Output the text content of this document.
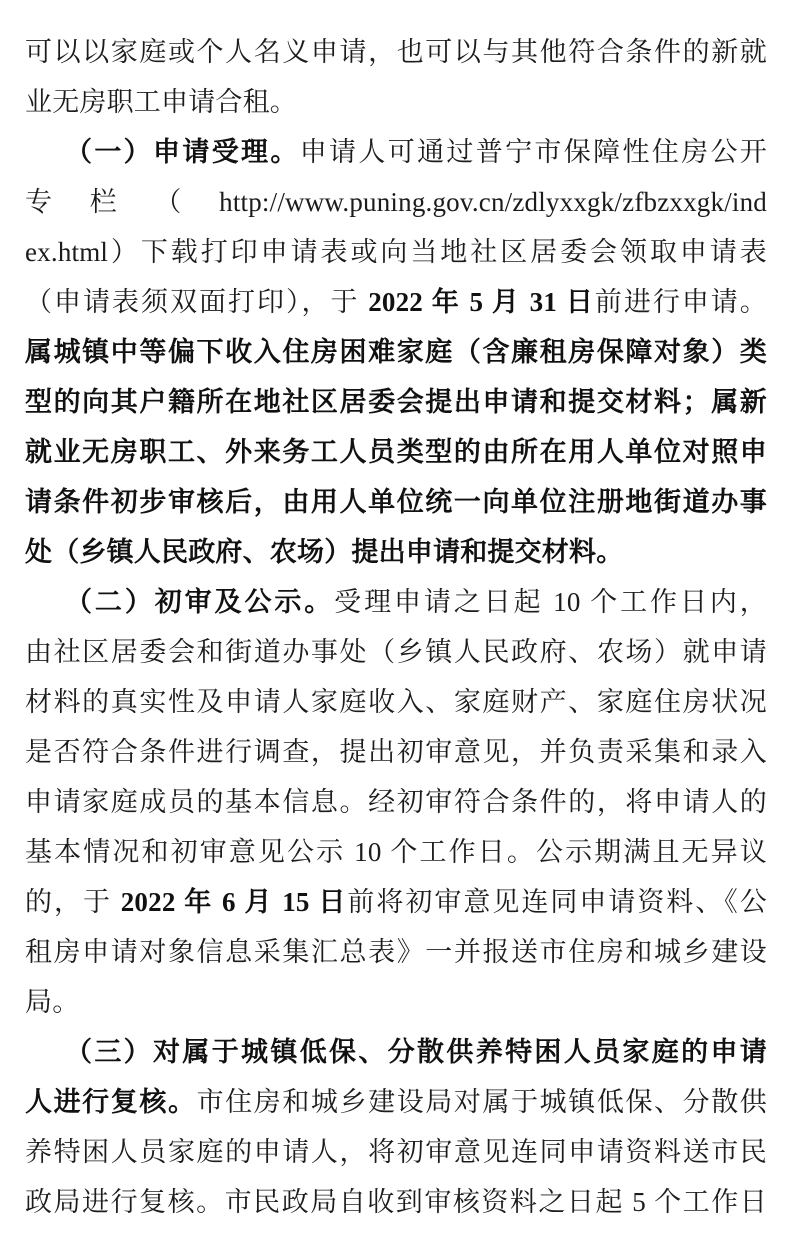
可以以家庭或个人名义申请，也可以与其他符合条件的新就
业无房职工申请合租。
（一）申请受理。申请人可通过普宁市保障性住房公开
专栏（http://www.puning.gov.cn/zdlyxxgk/zfbzxxgk/ind
ex.html）下载打印申请表或向当地社区居委会领取申请表
（申请表须双面打印），于 2022 年 5 月 31 日前进行申请。
属城镇中等偏下收入住房困难家庭（含廉租房保障对象）类
型的向其户籍所在地社区居委会提出申请和提交材料；属新
就业无房职工、外来务工人员类型的由所在用人单位对照申
请条件初步审核后，由用人单位统一向单位注册地街道办事
处（乡镇人民政府、农场）提出申请和提交材料。
（二）初审及公示。受理申请之日起 10 个工作日内，
由社区居委会和街道办事处（乡镇人民政府、农场）就申请
材料的真实性及申请人家庭收入、家庭财产、家庭住房状况
是否符合条件进行调查，提出初审意见，并负责采集和录入
申请家庭成员的基本信息。经初审符合条件的，将申请人的
基本情况和初审意见公示 10 个工作日。公示期满且无异议
的，于 2022 年 6 月 15 日前将初审意见连同申请资料、《公
租房申请对象信息采集汇总表》一并报送市住房和城乡建设
局。
（三）对属于城镇低保、分散供养特困人员家庭的申请
人进行复核。市住房和城乡建设局对属于城镇低保、分散供
养特困人员家庭的申请人，将初审意见连同申请资料送市民
政局进行复核。市民政局自收到审核资料之日起 5 个工作日
